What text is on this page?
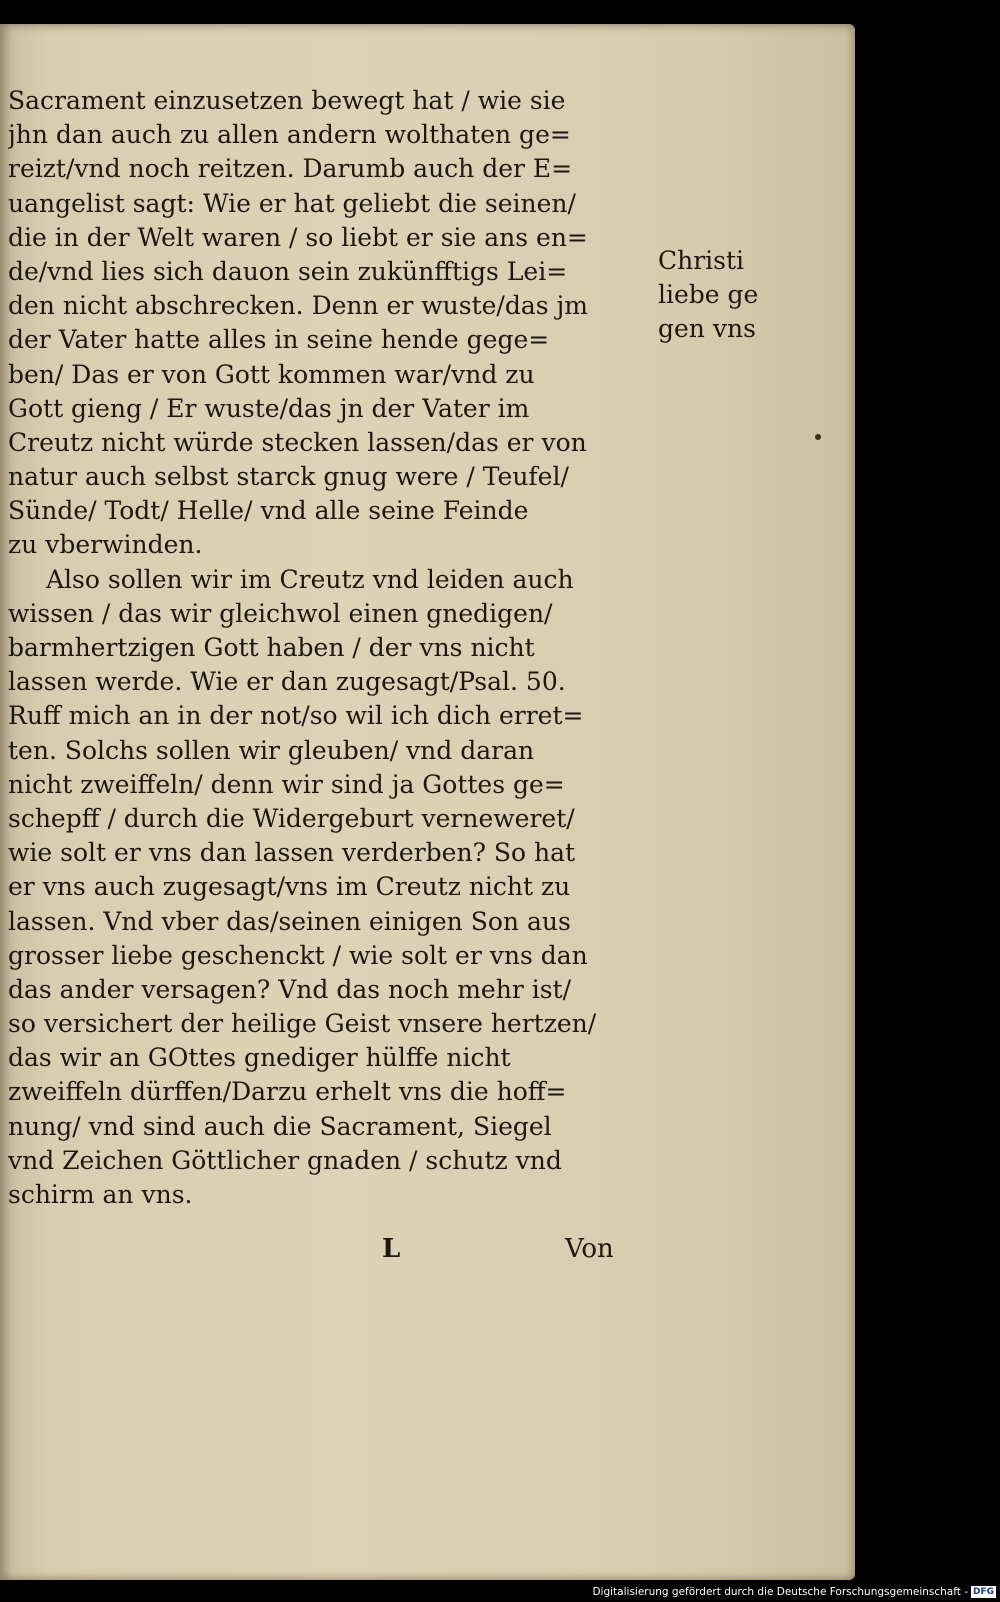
Sacrament einzusetzen bewegt hat / wie sie
jhn dan auch zu allen andern wolthaten ge=
reizt/vnd noch reitzen. Darumb auch der E=
uangelist sagt: Wie er hat geliebt die seinen/
die in der Welt waren / so liebt er sie ans en=
de/vnd lies sich dauon sein zukünfftigs Lei=
den nicht abschrecken. Denn er wuste/das jm
der Vater hatte alles in seine hende gege=
ben/ Das er von Gott kommen war/vnd zu
Gott gieng / Er wuste/das jn der Vater im
Creutz nicht würde stecken lassen/das er von
natur auch selbst starck gnug were / Teufel/
Sünde/ Todt/ Helle/ vnd alle seine Feinde
zu vberwinden.
Also sollen wir im Creutz vnd leiden auch
wissen / das wir gleichwol einen gnedigen/
barmhertzigen Gott haben / der vns nicht
lassen werde. Wie er dan zugesagt/Psal. 50.
Ruff mich an in der not/so wil ich dich erret=
ten. Solchs sollen wir gleuben/ vnd daran
nicht zweiffeln/ denn wir sind ja Gottes ge=
schepff / durch die Widergeburt verneweret/
wie solt er vns dan lassen verderben? So hat
er vns auch zugesagt/vns im Creutz nicht zu
lassen. Vnd vber das/seinen einigen Son aus
grosser liebe geschenckt / wie solt er vns dan
das ander versagen? Vnd das noch mehr ist/
so versichert der heilige Geist vnsere hertzen/
das wir an GOttes gnediger hülffe nicht
zweiffeln dürffen/Darzu erhelt vns die hoff=
nung/ vnd sind auch die Sacrament, Siegel
vnd Zeichen Göttlicher gnaden / schutz vnd
schirm an vns.
Christi
liebe ge
gen vns
L	Von
Digitalisierung gefördert durch die Deutsche Forschungsgemeinschaft - DFG
